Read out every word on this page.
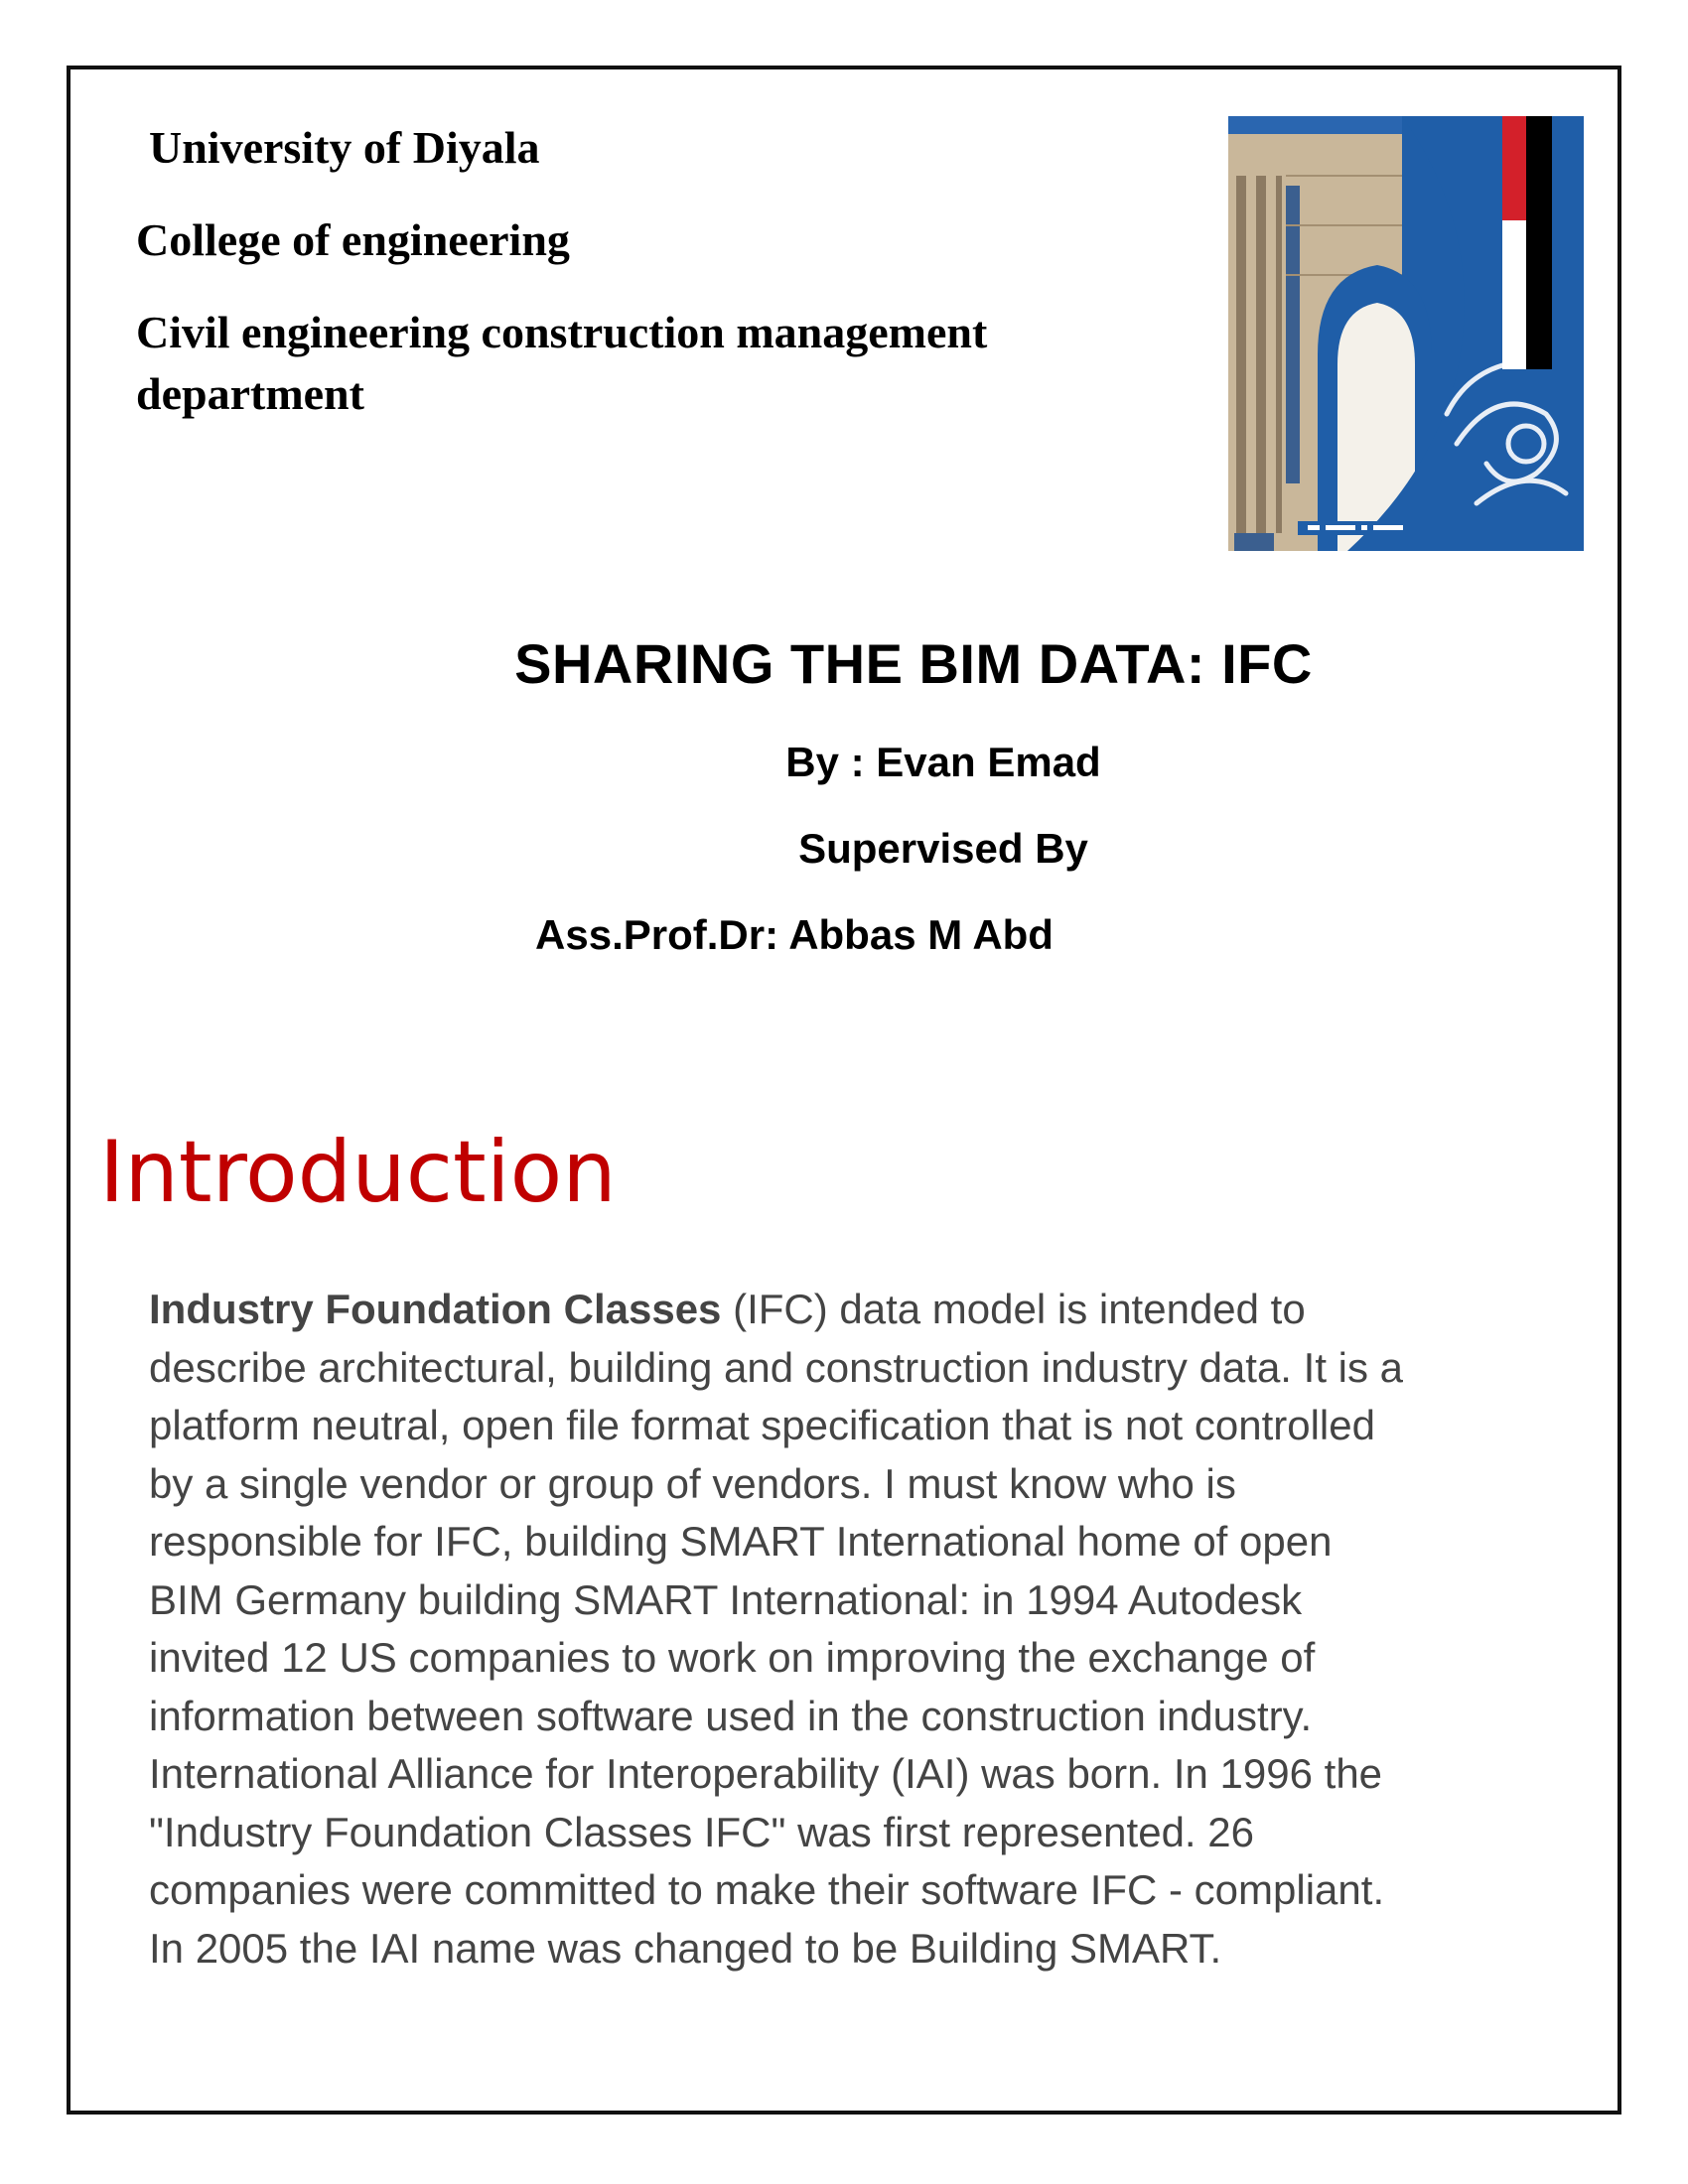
University of Diyala

College of engineering

Civil engineering construction management
department

SHARING THE BIM DATA: IFC

By : Evan Emad

Supervised By

Ass.Prof.Dr: Abbas M Abd

Introduction

Industry Foundation Classes (IFC) data model is intended to
describe architectural, building and construction industry data. It is a
platform neutral, open file format specification that is not controlled
by a single vendor or group of vendors. I must know who is
responsible for IFC, building SMART International home of open
BIM Germany building SMART International: in 1994 Autodesk
invited 12 US companies to work on improving the exchange of
information between software used in the construction industry.
International Alliance for Interoperability (IAI) was born. In 1996 the
"Industry Foundation Classes IFC" was first represented. 26
companies were committed to make their software IFC - compliant.
In 2005 the IAI name was changed to be Building SMART.
